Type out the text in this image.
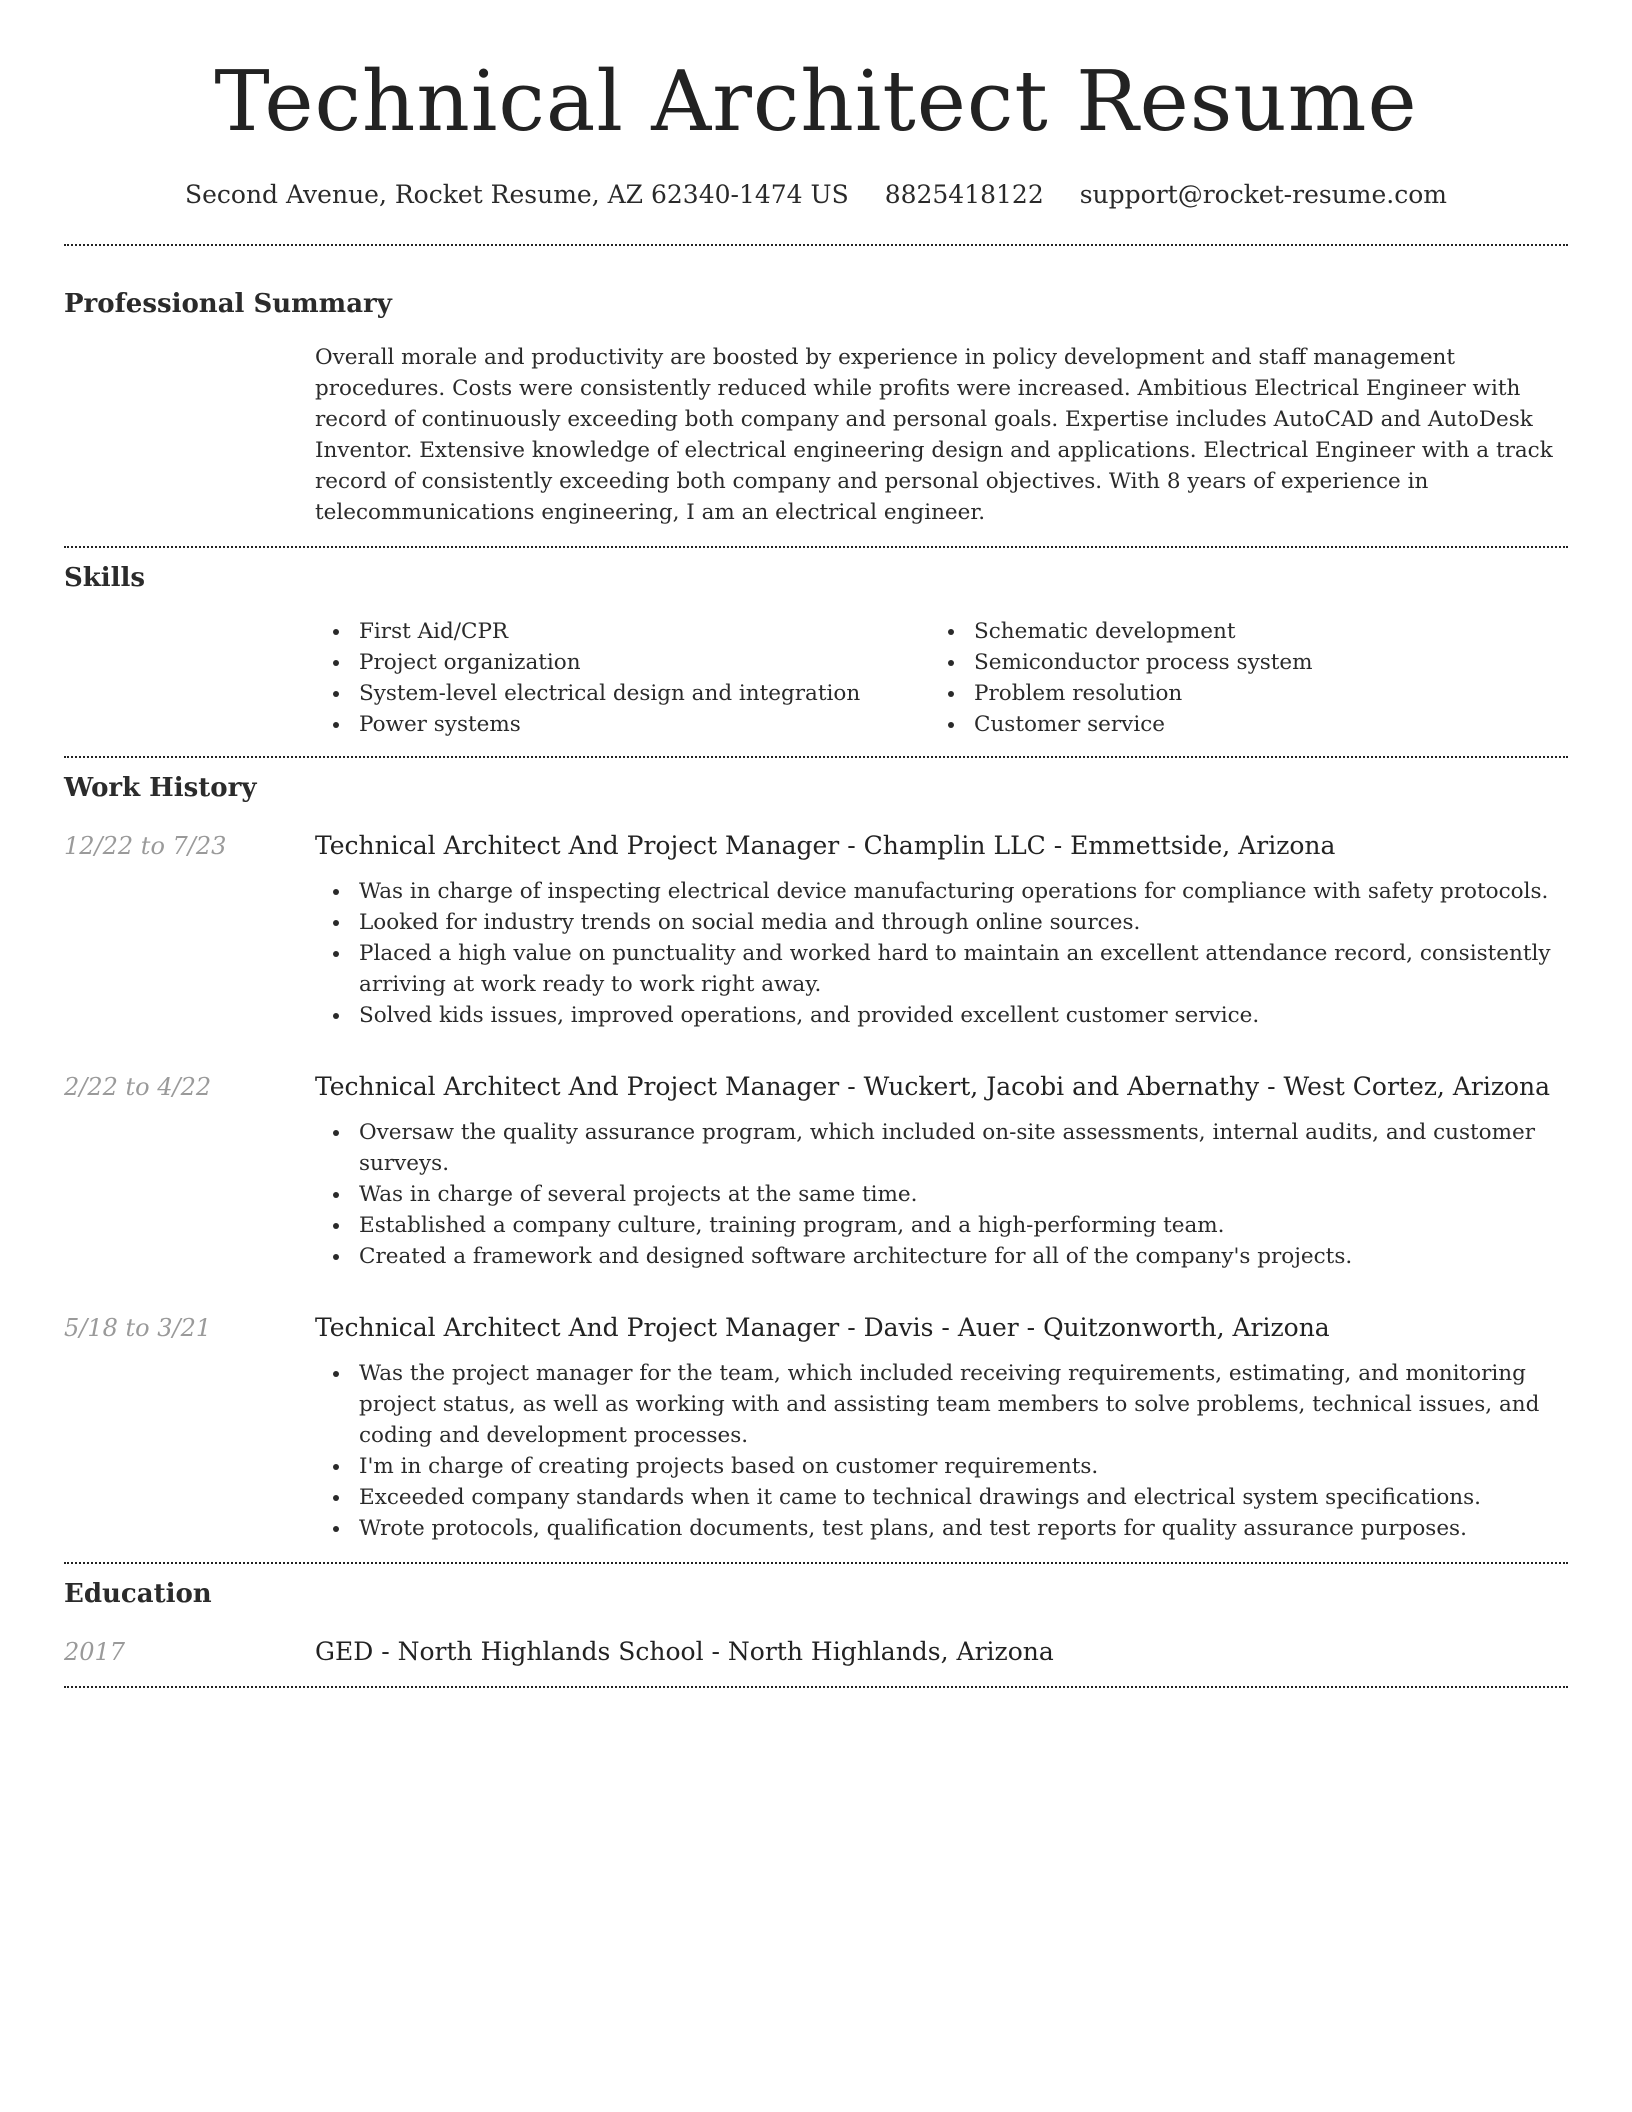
Technical Architect Resume
Second Avenue, Rocket Resume, AZ 62340-1474 US 8825418122 support@rocket-resume.com
Professional Summary
Overall morale and productivity are boosted by experience in policy development and staff management procedures. Costs were consistently reduced while profits were increased. Ambitious Electrical Engineer with record of continuously exceeding both company and personal goals. Expertise includes AutoCAD and AutoDesk Inventor. Extensive knowledge of electrical engineering design and applications. Electrical Engineer with a track record of consistently exceeding both company and personal objectives. With 8 years of experience in telecommunications engineering, I am an electrical engineer.
Skills
First Aid/CPR
Project organization
System-level electrical design and integration
Power systems
Schematic development
Semiconductor process system
Problem resolution
Customer service
Work History
12/22 to 7/23	Technical Architect And Project Manager - Champlin LLC - Emmettside, Arizona
Was in charge of inspecting electrical device manufacturing operations for compliance with safety protocols.
Looked for industry trends on social media and through online sources.
Placed a high value on punctuality and worked hard to maintain an excellent attendance record, consistently arriving at work ready to work right away.
Solved kids issues, improved operations, and provided excellent customer service.
2/22 to 4/22	Technical Architect And Project Manager - Wuckert, Jacobi and Abernathy - West Cortez, Arizona
Oversaw the quality assurance program, which included on-site assessments, internal audits, and customer surveys.
Was in charge of several projects at the same time.
Established a company culture, training program, and a high-performing team.
Created a framework and designed software architecture for all of the company's projects.
5/18 to 3/21	Technical Architect And Project Manager - Davis - Auer - Quitzonworth, Arizona
Was the project manager for the team, which included receiving requirements, estimating, and monitoring project status, as well as working with and assisting team members to solve problems, technical issues, and coding and development processes.
I'm in charge of creating projects based on customer requirements.
Exceeded company standards when it came to technical drawings and electrical system specifications.
Wrote protocols, qualification documents, test plans, and test reports for quality assurance purposes.
Education
2017	GED - North Highlands School - North Highlands, Arizona
